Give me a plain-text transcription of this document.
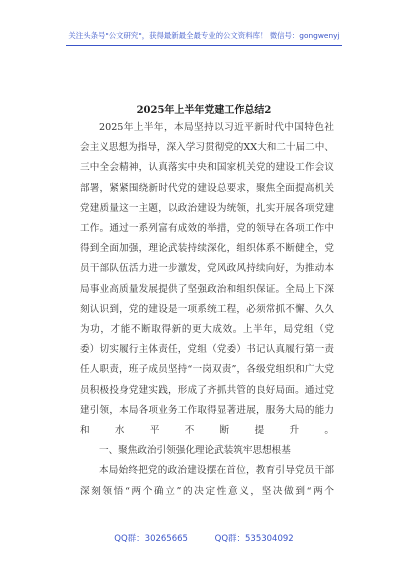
关注头条号"公文研究"，获得最新最全最专业的公文资料库！ 微信号：gongwenyj
2025年上半年党建工作总结2

2025年上半年，本局坚持以习近平新时代中国特色社会主义思想为指导，深入学习贯彻党的XX大和二十届二中、三中全会精神，认真落实中央和国家机关党的建设工作会议部署，紧紧围绕新时代党的建设总要求，聚焦全面提高机关党建质量这一主题，以政治建设为统领，扎实开展各项党建工作。通过一系列富有成效的举措，党的领导在各项工作中得到全面加强，理论武装持续深化，组织体系不断健全，党员干部队伍活力进一步激发，党风政风持续向好，为推动本局事业高质量发展提供了坚强政治和组织保证。全局上下深刻认识到，党的建设是一项系统工程，必须常抓不懈、久久为功，才能不断取得新的更大成效。上半年，局党组（党委）切实履行主体责任，党组（党委）书记认真履行第一责任人职责，班子成员坚持“一岗双责”，各级党组织和广大党员积极投身党建实践，形成了齐抓共管的良好局面。通过党建引领，本局各项业务工作取得显著进展，服务大局的能力和水平不断提升。

一、聚焦政治引领强化理论武装筑牢思想根基

本局始终把党的政治建设摆在首位，教育引导党员干部深刻领悟“两个确立”的决定性意义，坚决做到“两个

QQ群：30265665	QQ群：535304092
